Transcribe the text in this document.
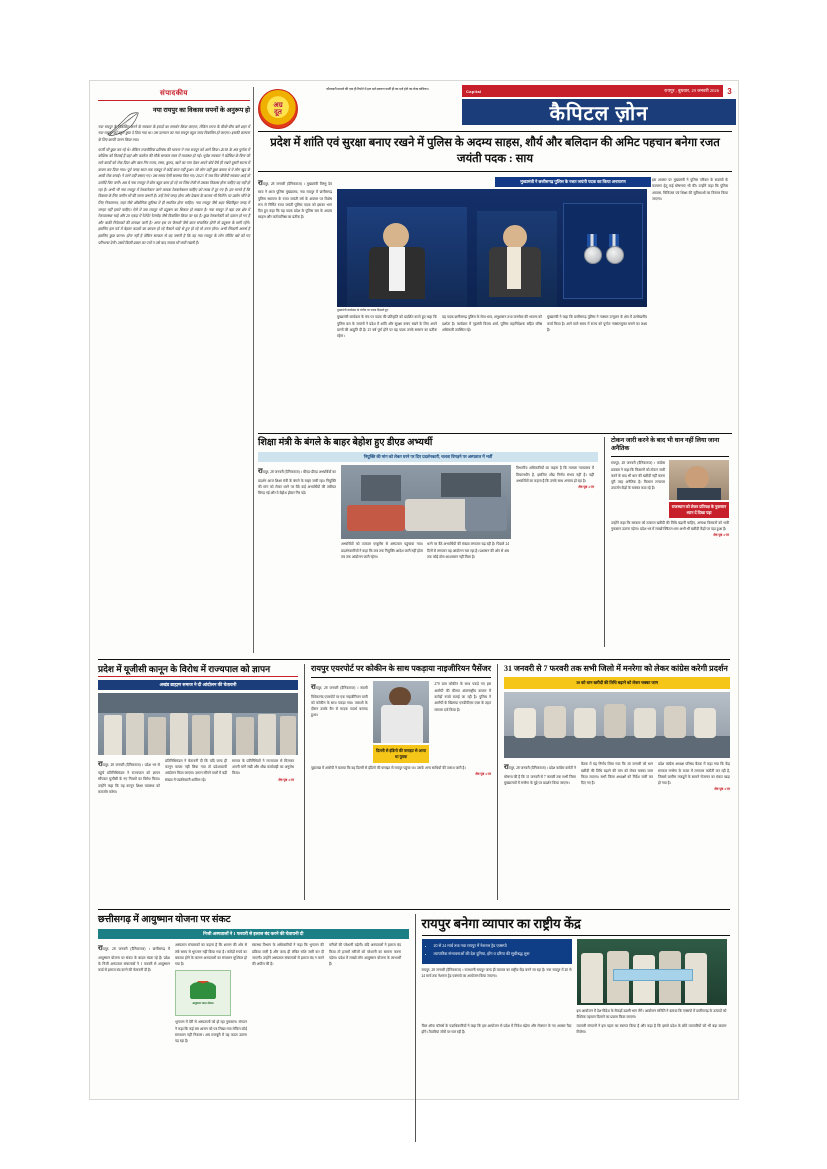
अग्र
दूत
फौजदारी मामले की एक ही रिपोर्ट में हल दर्ज प्रकरण फर्जी ही का दर्ज होने का लेख याचिका।	Capital	रायपुर , बुधवार, 29 जनवरी 2026	3
कैपिटल ज़ोन
संपादकीय
नया रायपुर का विकास सपनों के अनुरूप हो

नया रायपुर के विकसित करने के सरकार के इरादों का समर्थन किया जाएगा, लेकिन राज्य के बीचों-बीच बसे शहर में नया रायपुर को बहुत कुछ दे दिया गया था। उस दरम्यान का नया रायपुर बहुत जल्द विकसित हो जाएगा। इसकी कल्पना के लिए काफी जतन किया गया।

फर्जी भी कुछ कर रहे थे। लेकिन राजनीतिक प्रतिबंध की भावना ने नया रायपुर को आगे लिया। 2018 के अंत पूर्णता में कोशिश को मिलाई हैं यहां और कालेज की मौके सरकार साल में व्यवस्था हो गई। भूपेश सरकार ने कोशिश के बिना जो सारे कार्यों को रोक दिया और खंभ गिर राज्य, रस्मा, कुरुद, खरों का नाम देकर अपने बोर्ड वैसे ही रखने दूसरी साल्य में कचरा कर दिया गया। पूर्व जगह साल तक एकदूर में कोई काम नहीं हुआ। जो लोग वहीं कुछ बसाए थे वे लोग खुद के आयी रोक बनाईं। ने लागे वहीं बसाए गए। उस समय ऐसी समस्या किए गए। 2023 में जब फिर बीजेपी सरकार आई तो उम्मीदें फिर जगीं। अब ये नया रायपुर में बोल बहुत काम हो रहे पर जिस तेजी से उसका विकास होना चाहिए वह नहीं हो रहा है। अभी भी नया रायपुर में रेलकनेक्टर जाने लायक रेलकनेक्शन चाहिए को लाख में दुर गए हैं। हम मानते हैं कि विकास के लिए जमीन भी की जाना जरूरी है। उन्हें रेल्वे जगह होगा और देखना के बाजार भी मिलेंगे। पर उद्योग भौंने के लिए निवासगत, जहां जैसे औद्योगिक सुविधा में ही स्थापित होना चाहिए। नया रायपुर जैसे शहर स्थितीकृत जगह में जगहा नहीं हमारे चाहिए। ऐसे में जब रायपुर भी प्रदूषण का शिकार हो सकता है। नया रायपुर में बड़ा एक क्षेत्र में रेलव्यवस्था चाहे और 20 एकड़ में रेलेपेंट रेलमोड़ जैसे विकसित किया जा रहा है। कुछ रेलकनेक्टी को दलाल हो गए हैं और बाकी निवेशकों की तलाशा जारी है। अगर इस पर फैसली जैसे काम संचालित होगी तो प्रदूषण के सारी रहेंगे। इसलिए इस पर्व में बेहतर कदमों का कायम हो रहे फैसले चाहे से हुए हो रहे तो उनम होगा। अभी सिफारी असर्थ है इसलिए कुछ करना। होना नहीं है लेकिन सरकार से यह जरूरी है कि वह नया रायपुर के लोग जीविर बसे को गए परिभाषा देगी। उसमें किसी प्रकार का ज्यों न उसे बाद जवाब भी जारी रखती है।

प्रदेश में शांति एवं सुरक्षा बनाए रखने में पुलिस के अदम्य साहस, शौर्य और बलिदान की अमिट पहचान बनेगा रजत जयंती पदक : साय
रायपुर, 28 जनवरी (दैनिकराज) । मुख्यमंत्री विष्णु देव साय ने आज पुलिस मुख्यालय, नवा रायपुर में छत्तीसगढ़ पुलिस स्थापना के रजत जयंती वर्ष के अवसर पर विशेष रूप से निर्मित रजत जयंती पुलिस पदक को इसका भाग दिए हुए कहा कि यह पदक प्रदेश के पुलिस बल के अदम्य साहस और कर्तव्यनिष्ठा का प्रतीक है।
मुख्यमंत्री ने छत्तीसगढ़ पुलिस के रजत जयंती पदक का किया अनावरण
मुख्यमंत्री कार्यक्रम के मंचीय पर पदक दिखाते हुए
मुख्यमंत्री कार्यक्रम के मंच पर पदक की प्रतिकृति को प्रदर्शित करते हुए कहा कि पुलिस बल के जवानों ने प्रदेश में शांति और सुरक्षा बनाए रखने के लिए अपने प्राणों की आहुति दी है। 25 वर्ष पूर्ण होने पर यह पदक उनके सम्मान का प्रतीक रहेगा।
यह पदक छत्तीसगढ़ पुलिस के सेवा भाव, अनुशासन तथा जनसेवा की भावना को दर्शाता है। कार्यक्रम में गृहमंत्री विजय शर्मा, पुलिस महानिदेशक सहित वरिष्ठ अधिकारी उपस्थित रहे।
मुख्यमंत्री ने कहा कि छत्तीसगढ़ पुलिस ने नक्सल उन्मूलन के क्षेत्र में उल्लेखनीय कार्य किया है। आने वाले समय में राज्य को पूर्णतः नक्सलमुक्त बनाने का लक्ष्य है।
इस अवसर पर मुख्यमंत्री ने पुलिस परिवार के सदस्यों के कल्याण हेतु कई घोषणाएं भी कीं। उन्होंने कहा कि पुलिस आवास, चिकित्सा एवं शिक्षा की सुविधाओं का विस्तार किया जाएगा।
शिक्षा मंत्री के बंगले के बाहर बेहोश हुए डीएड अभ्यर्थी
नियुक्ति की मांग को लेकर घरने पर दिए प्रदर्शनकारी, चलता विगड़ने पर अस्पताल में भर्ती
रायपुर, 28 जनवरी (दैनिकराज) । बीएड-डीएड अभ्यर्थियों का प्रदर्शन आज शिक्षा मंत्री के बंगले के बाहर जारी रहा। नियुक्ति की मांग को लेकर धरने पर बैठे कई अभ्यर्थियों की तबीयत बिगड़ गई और वे बेहोश होकर गिर पड़े।
अभ्यर्थियों को तत्काल एम्बुलेंस से अस्पताल पहुंचाया गया। प्रदर्शनकारियों ने कहा कि जब तक नियुक्ति आदेश जारी नहीं होता तब तक आंदोलन जारी रहेगा।
धरने पर बैठे अभ्यर्थियों की संख्या लगातार बढ़ रही है। पिछले 24 दिनों से लगातार यह आंदोलन चल रहा है। प्रशासन की ओर से अब तक कोई ठोस आश्वासन नहीं मिला है।
विभागीय अधिकारियों का कहना है कि मामला न्यायालय में विचाराधीन है, इसलिए शीघ्र निर्णय संभव नहीं है। वहीं अभ्यर्थियों का कहना है कि उनके साथ अन्याय हो रहा है।
शेष पृष्ठ 4 पर
टोकन जारी करने के बाद भी धान नहीं लिया जाना अनैतिक
रायपुर, 28 जनवरी (दैनिकराज) । कांग्रेस प्रवक्ता ने कहा कि किसानों को टोकन जारी करने के बाद भी धान की खरीदी नहीं करना पूरी तरह अनैतिक है। किसान लगातार उपार्जन केंद्रों के चक्कर काट रहे हैं।
राजस्थान को लेकर प्रतिपक्ष के नुकसान ध्यान दें दिखा पड़ा
उन्होंने कहा कि सरकार को तत्काल खरीदी की तिथि बढ़ानी चाहिए, अन्यथा किसानों को भारी नुकसान उठाना पड़ेगा। प्रदेश भर में लाखों क्विंटल धान अभी भी खरीदी केंद्रों पर पड़ा हुआ है।
शेष पृष्ठ 4 पर
प्रदेश में यूजीसी कानून के विरोध में राज्यपाल को ज्ञापन
अखंड ब्राह्मण समाज ने दी आंदोलन की चेतावनी
रायपुर, 28 जनवरी (दैनिकराज) । प्रदेश भर से पहुंचे प्रतिनिधिमंडल ने राज्यपाल को ज्ञापन सौंपकर यूजीसी के नए नियमों का विरोध किया। उन्होंने कहा कि यह कानून शिक्षा व्यवस्था को कमजोर करेगा।
प्रतिनिधिमंडल ने चेतावनी दी कि यदि जल्द ही कानून वापस नहीं लिया गया तो प्रदेशव्यापी आंदोलन किया जाएगा। ज्ञापन सौंपने वालों में बड़ी संख्या में पदाधिकारी शामिल रहे।
समाज के प्रतिनिधियों ने राज्यपाल से मिलकर अपनी मांगें रखीं और शीघ्र कार्यवाही का अनुरोध किया।
शेष पृष्ठ 4 पर
रायपुर एयरपोर्ट पर कोकीन के साथ पकड़ाया नाइजीरियन पैसेंजर
रायपुर, 28 जनवरी (दैनिकराज) । स्वामी विवेकानंद एयरपोर्ट पर एक नाइजीरियन यात्री को कोकीन के साथ पकड़ा गया। तलाशी के दौरान उसके बैग से मादक पदार्थ बरामद हुआ।
दिल्ली से इंडिगो की फ्लाइट से आया था युवक
270 ग्राम कोकीन के साथ पकड़े गए इस आरोपी की कीमत अंतरराष्ट्रीय बाजार में करोड़ों रुपये बताई जा रही है। पुलिस ने आरोपी के खिलाफ एनडीपीएस एक्ट के तहत मामला दर्ज किया है।
पूछताछ में आरोपी ने बताया कि वह दिल्ली से इंडिगो की फ्लाइट से रायपुर पहुंचा था। उसके अन्य साथियों की तलाश जारी है।
शेष पृष्ठ 4 पर
31 जनवरी से 7 फरवरी तक सभी जिलो में मनरेगा को लेकर कांग्रेस करेगी प्रदर्शन
30 को धान खरीदी की तिथि बढ़ाने को लेकर चक्का जाम
रायपुर, 28 जनवरी (दैनिकराज) । प्रदेश कांग्रेस कमेटी ने घोषणा की है कि 31 जनवरी से 7 फरवरी तक सभी जिला मुख्यालयों में मनरेगा के मुद्दे पर प्रदर्शन किया जाएगा।
बैठक में यह निर्णय लिया गया कि 30 जनवरी को धान खरीदी की तिथि बढ़ाने की मांग को लेकर चक्का जाम किया जाएगा। सभी जिला अध्यक्षों को निर्देश जारी कर दिए गए हैं।
प्रदेश कांग्रेस अध्यक्ष परिषद बैठक में कहा गया कि केंद्र सरकार मनरेगा के बजट में लगातार कटौती कर रही है, जिससे ग्रामीण मजदूरों के सामने रोजगार का संकट खड़ा हो गया है।
शेष पृष्ठ 4 पर
छत्तीसगढ़ में आयुष्मान योजना पर संकट
निजी अस्पतालों ने 1 फरवरी से इलाज बंद करने की चेतावनी दी
रायपुर, 28 जनवरी (दैनिकराज) । छत्तीसगढ़ में आयुष्मान योजना पर संकट के बादल मंडरा रहे हैं। प्रदेश के निजी अस्पताल संचालकों ने 1 फरवरी से आयुष्मान कार्ड से इलाज बंद करने की चेतावनी दी है।
अस्पताल संचालकों का कहना है कि शासन की ओर से लंबे समय से भुगतान नहीं किया गया है। करोड़ों रुपये का बकाया होने के कारण अस्पतालों का संचालन मुश्किल हो गया है।
आयुष्मान भारत योजना
भुगतान में देरी से अस्पतालों को हो रहा नुकसान। संगठन ने कहा कि कई बार शासन को पत्र लिखा गया लेकिन कोई समाधान नहीं निकला। अब मजबूरी में यह कदम उठाना पड़ रहा है।
स्वास्थ्य विभाग के अधिकारियों ने कहा कि भुगतान की प्रक्रिया जारी है और जल्द ही लंबित राशि जारी कर दी जाएगी। उन्होंने अस्पताल संचालकों से इलाज बंद न करने की अपील की है।
मरीजों की परेशानी बढ़ेगी। यदि अस्पतालों ने इलाज बंद किया तो हजारों मरीजों को परेशानी का सामना करना पड़ेगा। प्रदेश में लाखों लोग आयुष्मान योजना के लाभार्थी हैं।
रायपुर बनेगा व्यापार का राष्ट्रीय केंद्र
• 20 से 24 मार्च तक नवा रायपुर में नेशनल ट्रेड एक्सपो
• व्यापारिक संभावनाओं की देश दुनिया, होंग व दरिया की सूचीबद्ध शुरू
रायपुर, 28 जनवरी (दैनिकराज) । राजधानी रायपुर जल्द ही व्यापार का राष्ट्रीय केंद्र बनने जा रहा है। नवा रायपुर में 20 से 24 मार्च तक नेशनल ट्रेड एक्सपो का आयोजन किया जाएगा।
इस आयोजन में देश-विदेश के सैकड़ों उद्यमी भाग लेंगे। आयोजन समिति ने बताया कि एक्सपो में छत्तीसगढ़ के उत्पादों को वैश्विक पहचान दिलाने का प्रयास किया जाएगा।
चैंबर ऑफ कॉमर्स के पदाधिकारियों ने कहा कि इस आयोजन से प्रदेश में निवेश बढ़ेगा और रोजगार के नए अवसर पैदा होंगे। तैयारियां जोरों पर चल रही हैं।
व्यापारी संगठनों ने इस पहल का स्वागत किया है और कहा है कि इससे प्रदेश के छोटे व्यापारियों को भी बड़ा बाजार मिलेगा।
